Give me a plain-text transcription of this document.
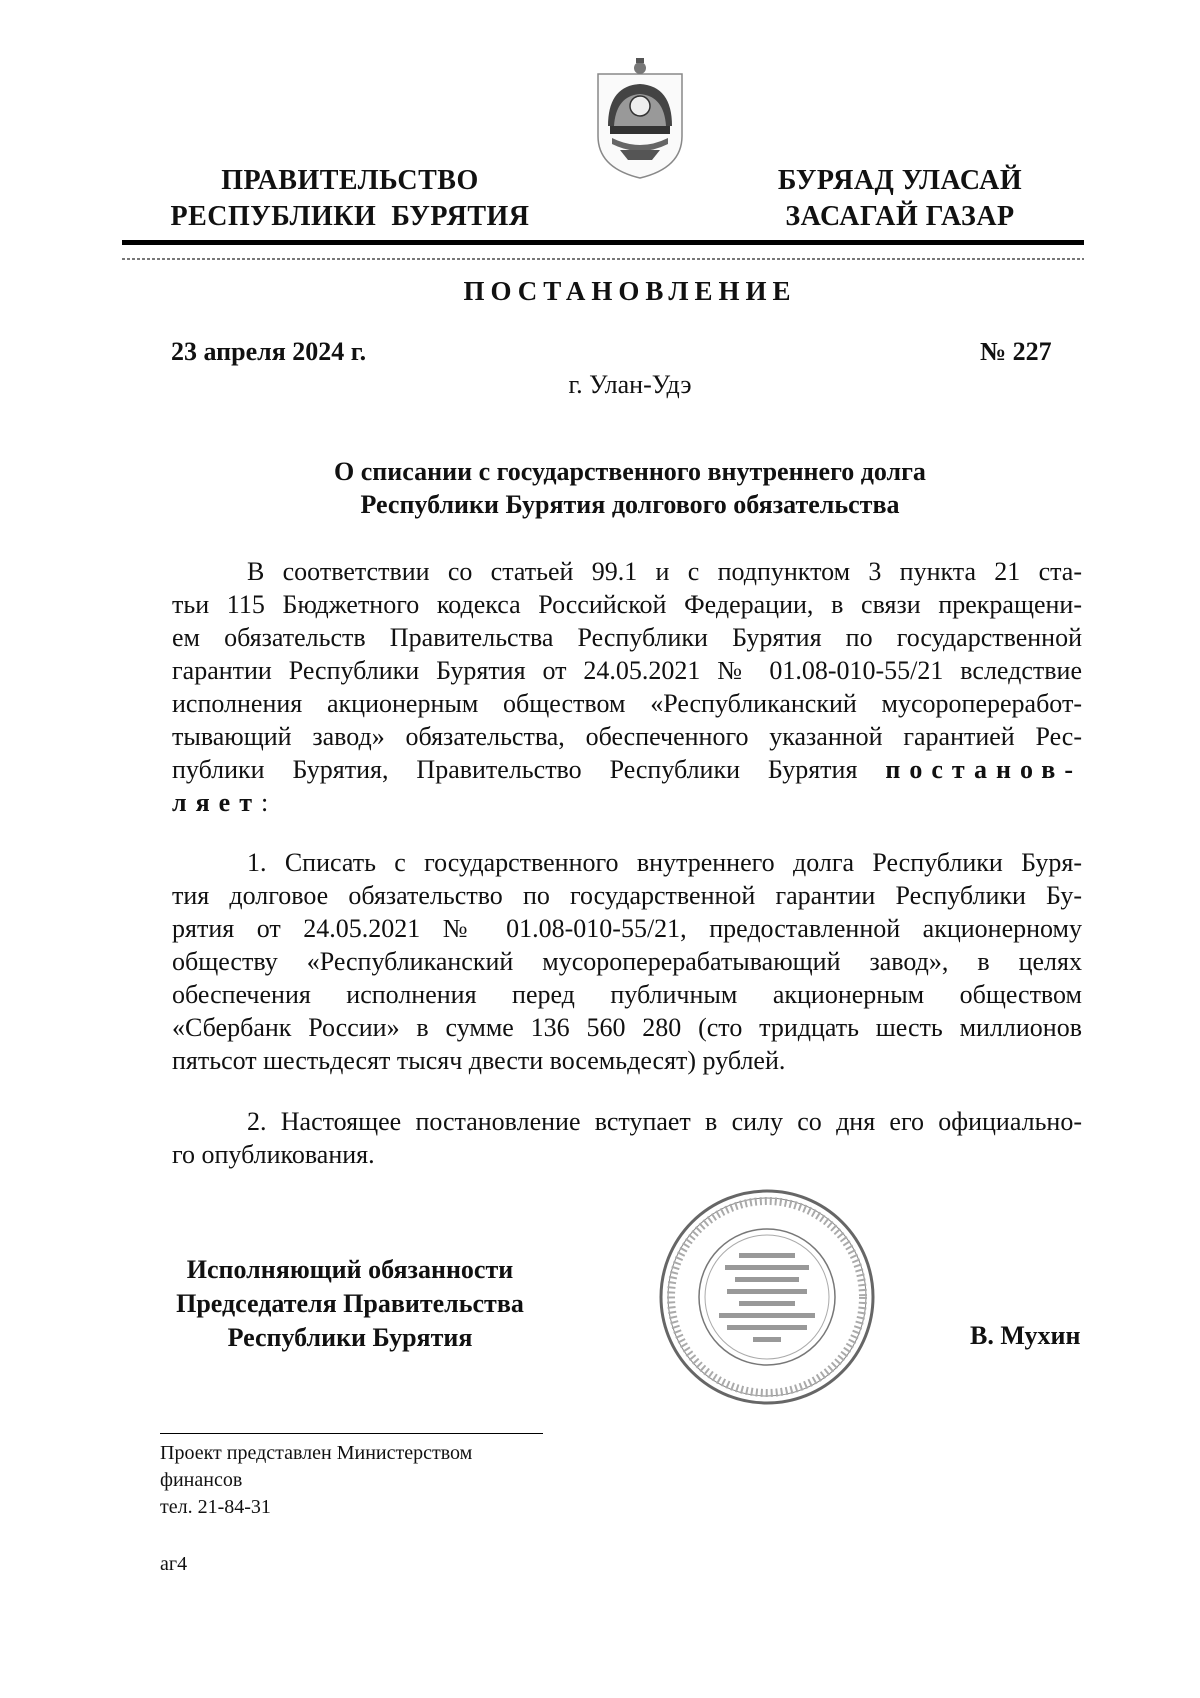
ПРАВИТЕЛЬСТВО
РЕСПУБЛИКИ  БУРЯТИЯ
БУРЯАД УЛАСАЙ
ЗАСАГАЙ ГАЗАР
ПОСТАНОВЛЕНИЕ
23 апреля 2024 г.	№ 227
г. Улан-Удэ
О списании с государственного внутреннего долга
Республики Бурятия долгового обязательства
В соответствии со статьей 99.1 и с подпунктом 3 пункта 21 ста-
тьи 115 Бюджетного кодекса Российской Федерации, в связи прекращени-
ем обязательств Правительства Республики Бурятия по государственной
гарантии Республики Бурятия от 24.05.2021 № 01.08-010-55/21 вследствие
исполнения акционерным обществом «Республиканский мусоропереработ-
тывающий завод» обязательства, обеспеченного указанной гарантией Рес-
публики Бурятия, Правительство Республики Бурятия постанов-
ляет:
1. Списать с государственного внутреннего долга Республики Буря-
тия долговое обязательство по государственной гарантии Республики Бу-
рятия от 24.05.2021 № 01.08-010-55/21, предоставленной акционерному
обществу «Республиканский мусороперерабатывающий завод», в целях
обеспечения исполнения перед публичным акционерным обществом
«Сбербанк России» в сумме 136 560 280 (сто тридцать шесть миллионов
пятьсот шестьдесят тысяч двести восемьдесят) рублей.
2. Настоящее постановление вступает в силу со дня его официально-
го опубликования.
Исполняющий обязанности
Председателя Правительства
Республики Бурятия	В. Мухин
Проект представлен Министерством
финансов
тел. 21-84-31
аг4
